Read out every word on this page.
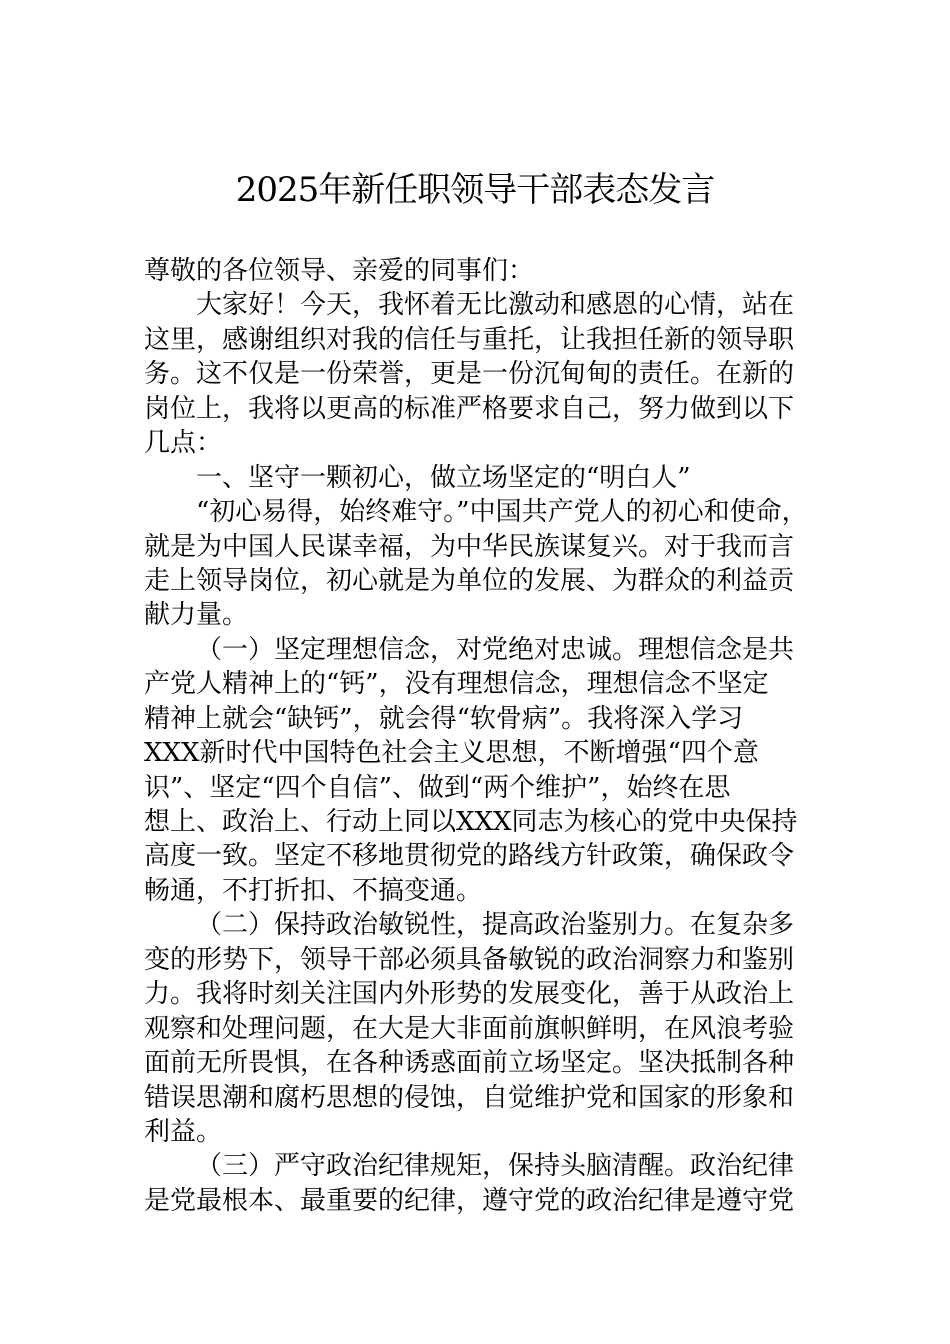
2025年新任职领导干部表态发言
尊敬的各位领导、亲爱的同事们：
大家好！今天，我怀着无比激动和感恩的心情，站在
这里，感谢组织对我的信任与重托，让我担任新的领导职
务。这不仅是一份荣誉，更是一份沉甸甸的责任。在新的
岗位上，我将以更高的标准严格要求自己，努力做到以下
几点：
一、坚守一颗初心，做立场坚定的“明白人”
“初心易得，始终难守。”中国共产党人的初心和使命，
就是为中国人民谋幸福，为中华民族谋复兴。对于我而言
走上领导岗位，初心就是为单位的发展、为群众的利益贡
献力量。
（一）坚定理想信念，对党绝对忠诚。理想信念是共
产党人精神上的“钙”，没有理想信念，理想信念不坚定
精神上就会“缺钙”，就会得“软骨病”。我将深入学习
XXX新时代中国特色社会主义思想，不断增强“四个意
识”、坚定“四个自信”、做到“两个维护”，始终在思
想上、政治上、行动上同以XXX同志为核心的党中央保持
高度一致。坚定不移地贯彻党的路线方针政策，确保政令
畅通，不打折扣、不搞变通。
（二）保持政治敏锐性，提高政治鉴别力。在复杂多
变的形势下，领导干部必须具备敏锐的政治洞察力和鉴别
力。我将时刻关注国内外形势的发展变化，善于从政治上
观察和处理问题，在大是大非面前旗帜鲜明，在风浪考验
面前无所畏惧，在各种诱惑面前立场坚定。坚决抵制各种
错误思潮和腐朽思想的侵蚀，自觉维护党和国家的形象和
利益。
（三）严守政治纪律规矩，保持头脑清醒。政治纪律
是党最根本、最重要的纪律，遵守党的政治纪律是遵守党
